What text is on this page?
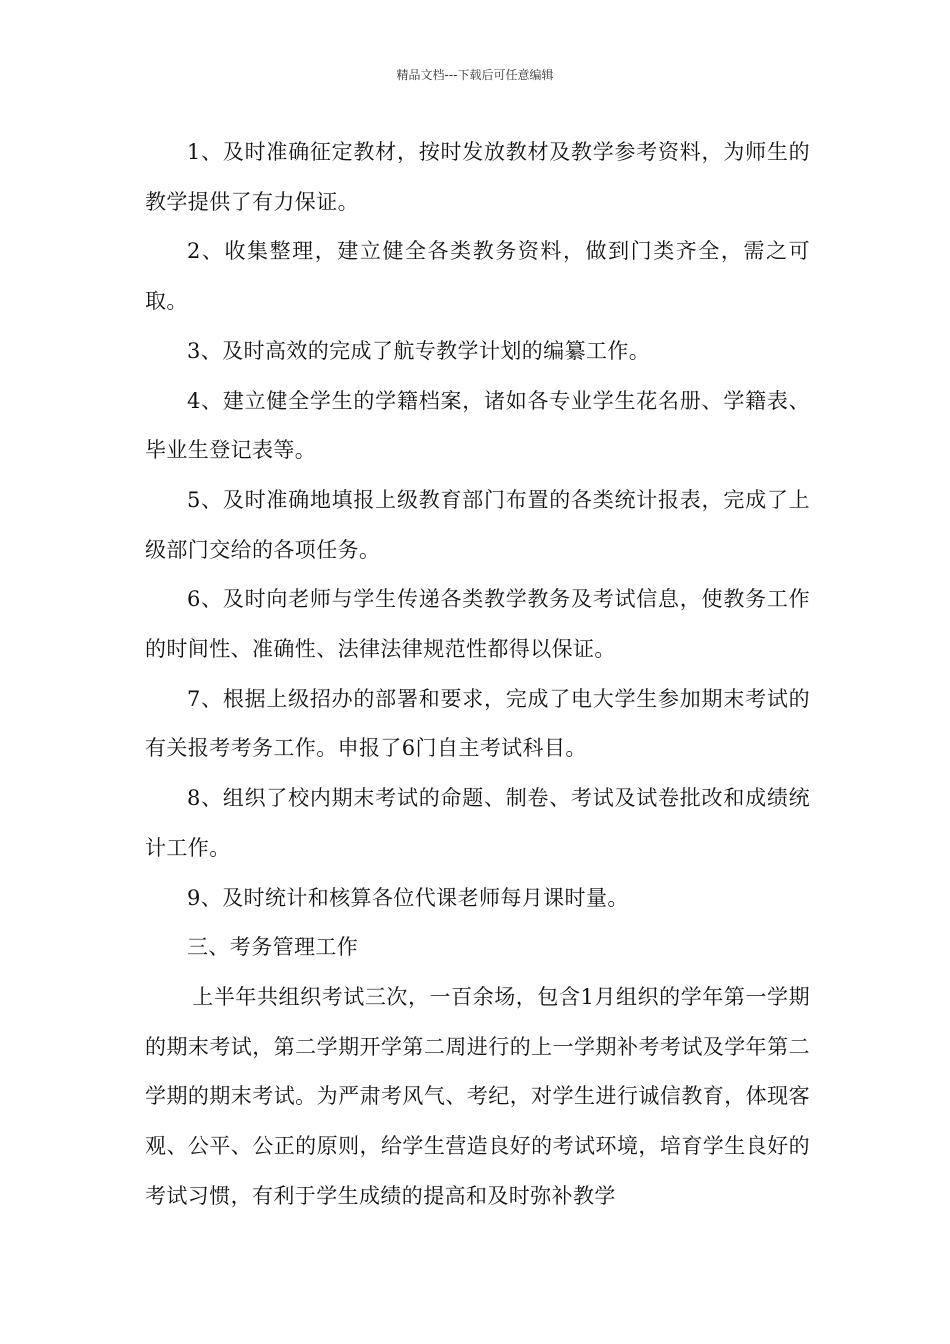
精品文档---下载后可任意编辑

1、及时准确征定教材，按时发放教材及教学参考资料，为师生的教学提供了有力保证。

2、收集整理，建立健全各类教务资料，做到门类齐全，需之可取。

3、及时高效的完成了航专教学计划的编纂工作。

4、建立健全学生的学籍档案，诸如各专业学生花名册、学籍表、毕业生登记表等。

5、及时准确地填报上级教育部门布置的各类统计报表，完成了上级部门交给的各项任务。

6、及时向老师与学生传递各类教学教务及考试信息，使教务工作的时间性、准确性、法律法律规范性都得以保证。

7、根据上级招办的部署和要求，完成了电大学生参加期末考试的有关报考考务工作。申报了6门自主考试科目。

8、组织了校内期末考试的命题、制卷、考试及试卷批改和成绩统计工作。

9、及时统计和核算各位代课老师每月课时量。

三、考务管理工作

上半年共组织考试三次，一百余场，包含1月组织的学年第一学期的期末考试，第二学期开学第二周进行的上一学期补考考试及学年第二学期的期末考试。为严肃考风气、考纪，对学生进行诚信教育，体现客观、公平、公正的原则，给学生营造良好的考试环境，培育学生良好的考试习惯，有利于学生成绩的提高和及时弥补教学
